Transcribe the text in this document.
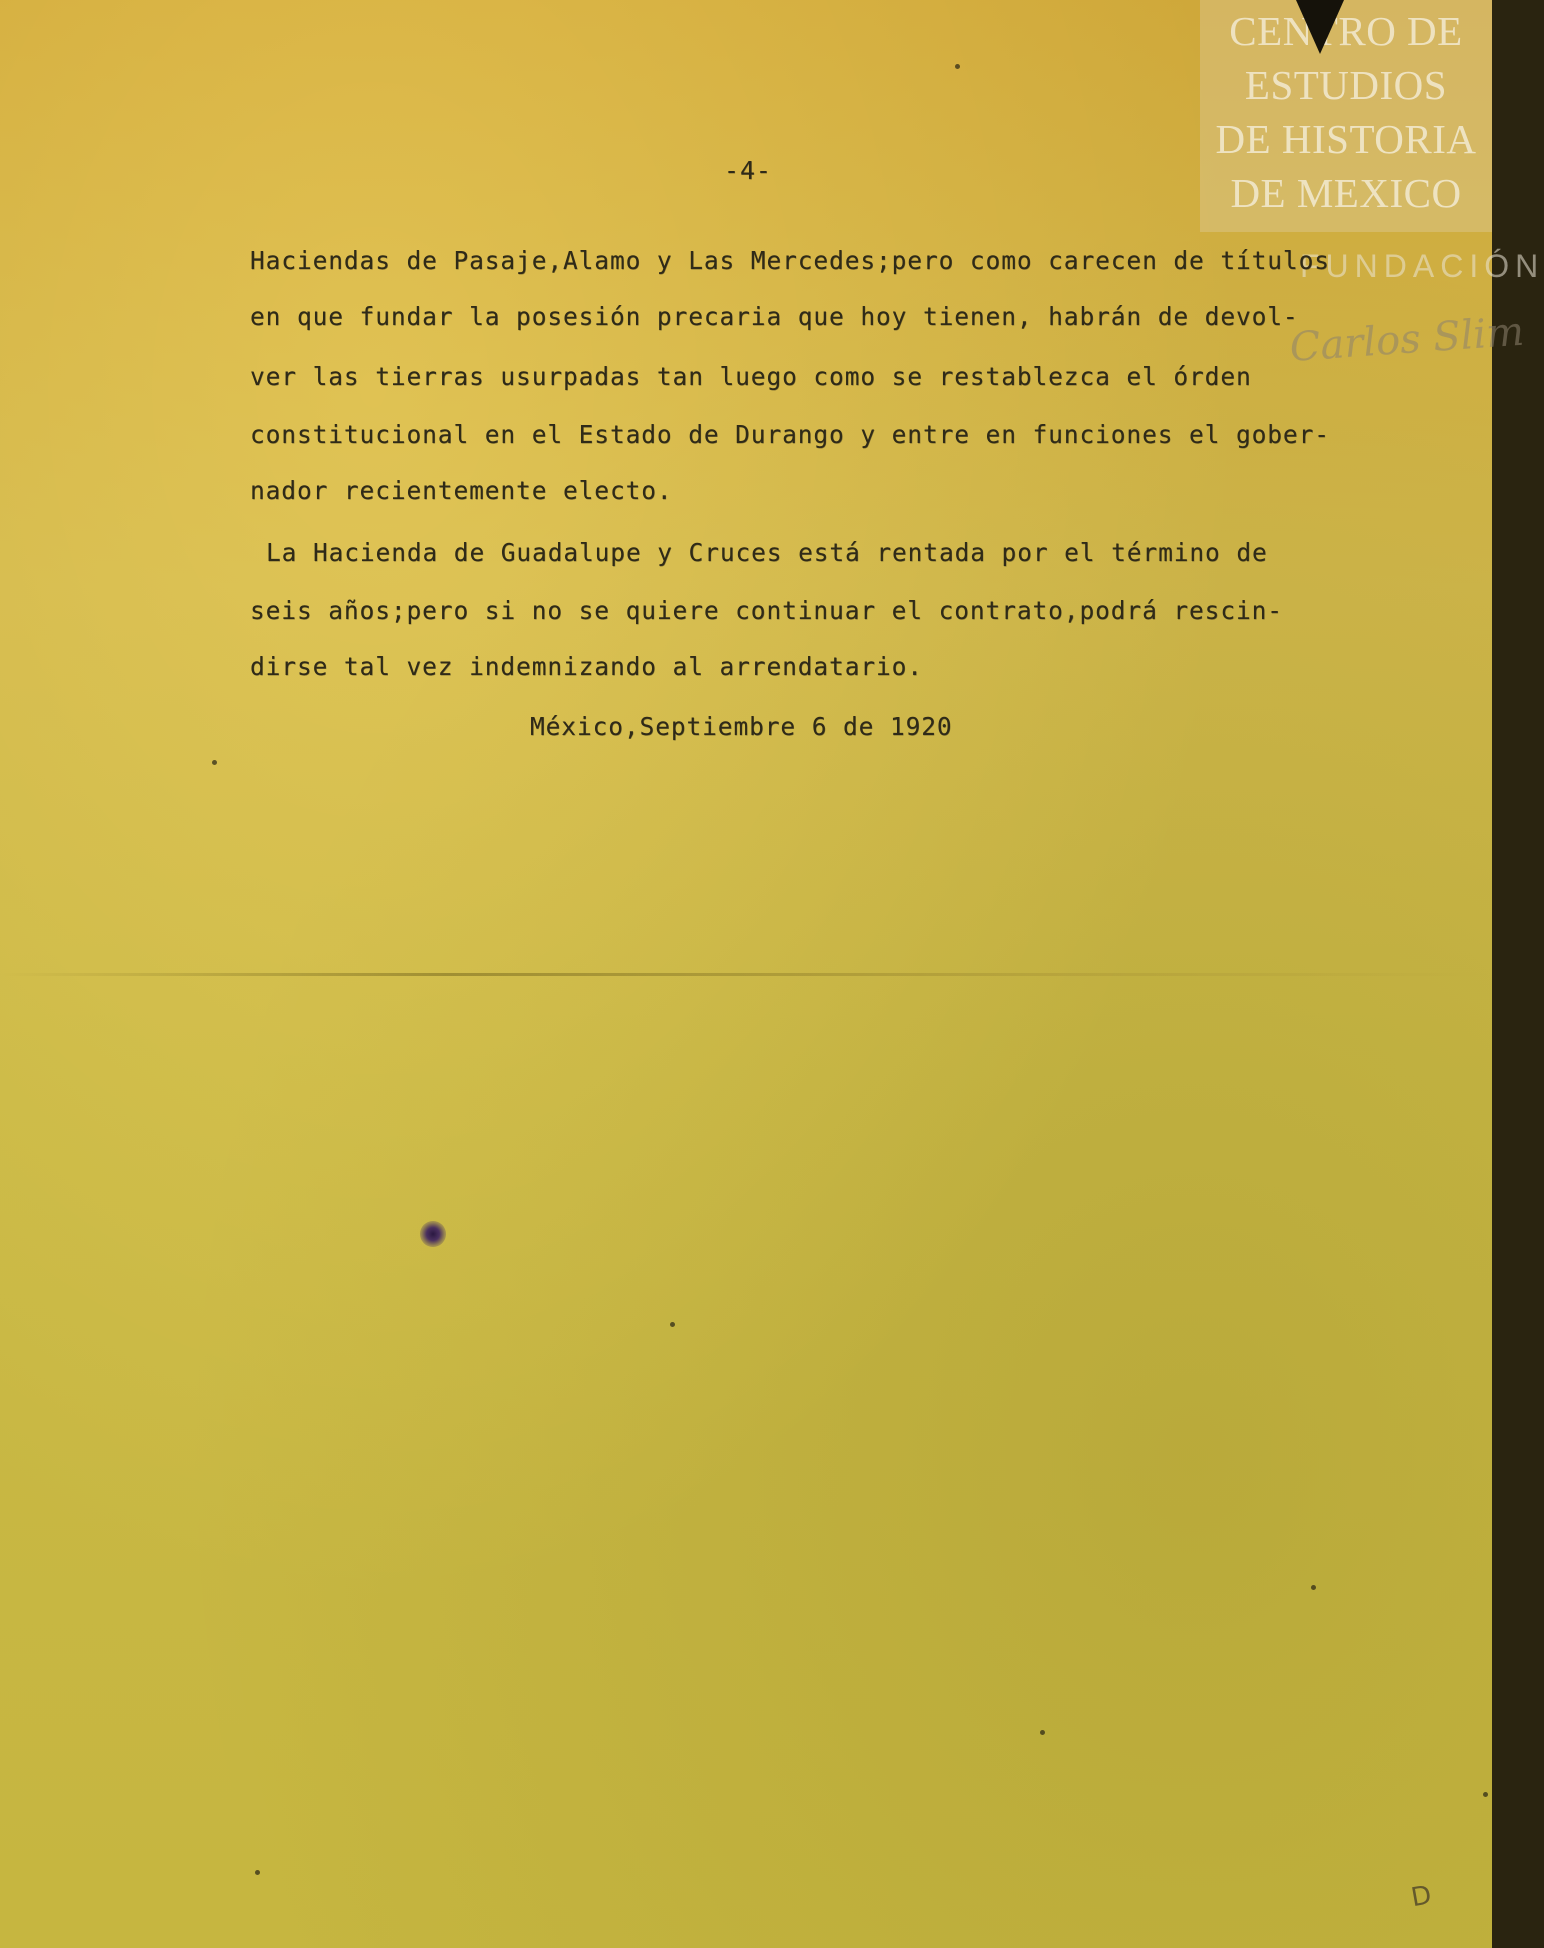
CENTRO DE
ESTUDIOS
DE HISTORIA
DE MEXICO
FUNDACIÓN
Carlos Slim
-4-
Haciendas de Pasaje,Alamo y Las Mercedes;pero como carecen de títulos
en que fundar la posesión precaria que hoy tienen, habrán de devol-
ver las tierras usurpadas tan luego como se restablezca el órden
constitucional en el Estado de Durango y entre en funciones el gober-
nador recientemente electo.
La Hacienda de Guadalupe y Cruces está rentada por el término de
seis años;pero si no se quiere continuar el contrato,podrá rescin-
dirse tal vez indemnizando al arrendatario.
México,Septiembre 6 de 1920
D
